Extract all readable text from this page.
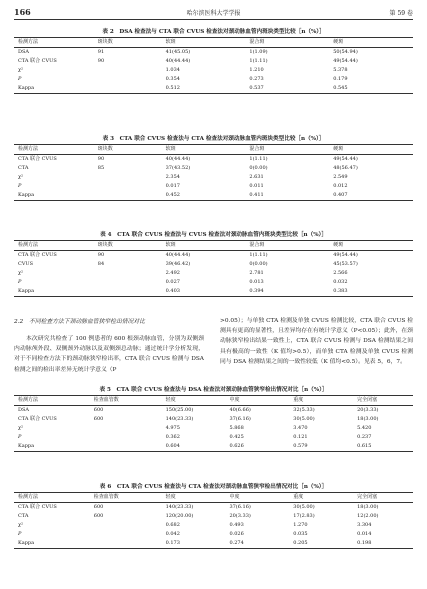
166	哈尔滨医科大学学报	第 59 卷
表 2　DSA 检查法与 CTA 联合 CVUS 检查法对颈动脉血管内斑块类型比较［n（%）］
检测方法	斑块数	软斑	混合斑	硬斑
DSA	91	41(45.05)	1(1.09)	50(54.94)
CTA 联合 CVUS	90	40(44.44)	1(1.11)	49(54.44)
χ²		1.034	1.210	5.378
P		0.354	0.273	0.179
Kappa		0.512	0.537	0.545
表 3　CTA 联合 CVUS 检查法与 CTA 检查法对颈动脉血管内斑块类型比较［n（%）］
检测方法	斑块数	软斑	混合斑	硬斑
CTA 联合 CVUS	90	40(44.44)	1(1.11)	49(54.44)
CTA	85	37(43.52)	0(0.00)	48(56.47)
χ²		2.354	2.631	2.549
P		0.017	0.011	0.012
Kappa		0.452	0.411	0.407
表 4　CTA 联合 CVUS 检查法与 CVUS 检查法对颈动脉血管内斑块类型比较［n（%）］
检测方法	斑块数	软斑	混合斑	硬斑
CTA 联合 CVUS	90	40(44.44)	1(1.11)	49(54.44)
CVUS	84	39(46.42)	0(0.00)	45(53.57)
χ²		2.492	2.781	2.566
P		0.027	0.013	0.032
Kappa		0.403	0.394	0.383
2.2　不同检查方法下颈动脉血管狭窄检出情况对比
本次研究共检查了 100 例患者的 600 根颈动脉血管，分别为双侧颈内动脉颅外段、双侧颈外动脉以及双侧颈总动脉；通过统计学分析发现，对于不同检查方法下的颈动脉狭窄检出率，CTA 联合 CVUS 检测与 DSA 检测之间的检出率差异无统计学意义（P
>0.05）；与单独 CTA 检测及单独 CVUS 检测比较，CTA 联合 CVUS 检测具有更高的显著性，且差异均存在有统计学意义（P<0.05）；此外，在颈动脉狭窄检出结果一致性上，CTA 联合 CVUS 检测与 DSA 检测结果之间具有极高的一致性（K 值均>0.5），而单独 CTA 检测及单独 CVUS 检测同与 DSA 检测结果之间的一致性较低（K 值均<0.5）。见表 5，6，7。
表 5　CTA 联合 CVUS 检查法与 DSA 检查法对颈动脉血管狭窄检出情况对比［n（%）］
检测方法	检查血管数	轻度	中度	重度	完全闭塞
DSA	600	150(25.00)	40(6.66)	32(5.33)	20(3.33)
CTA 联合 CVUS	600	140(23.33)	37(6.16)	30(5.00)	18(3.00)
χ²		4.975	5.868	3.470	5.420
P		0.362	0.425	0.121	0.237
Kappa		0.604	0.626	0.579	0.615
表 6　CTA 联合 CVUS 检查法与 CTA 检查法对颈动脉血管狭窄检出情况对比［n（%）］
检测方法	检查血管数	轻度	中度	重度	完全闭塞
CTA 联合 CVUS	600	140(23.33)	37(6.16)	30(5.00)	18(3.00)
CTA	600	120(20.00)	20(3.33)	17(2.83)	12(2.00)
χ²		0.682	0.493	1.270	3.304
P		0.042	0.026	0.035	0.014
Kappa		0.173	0.274	0.205	0.198
